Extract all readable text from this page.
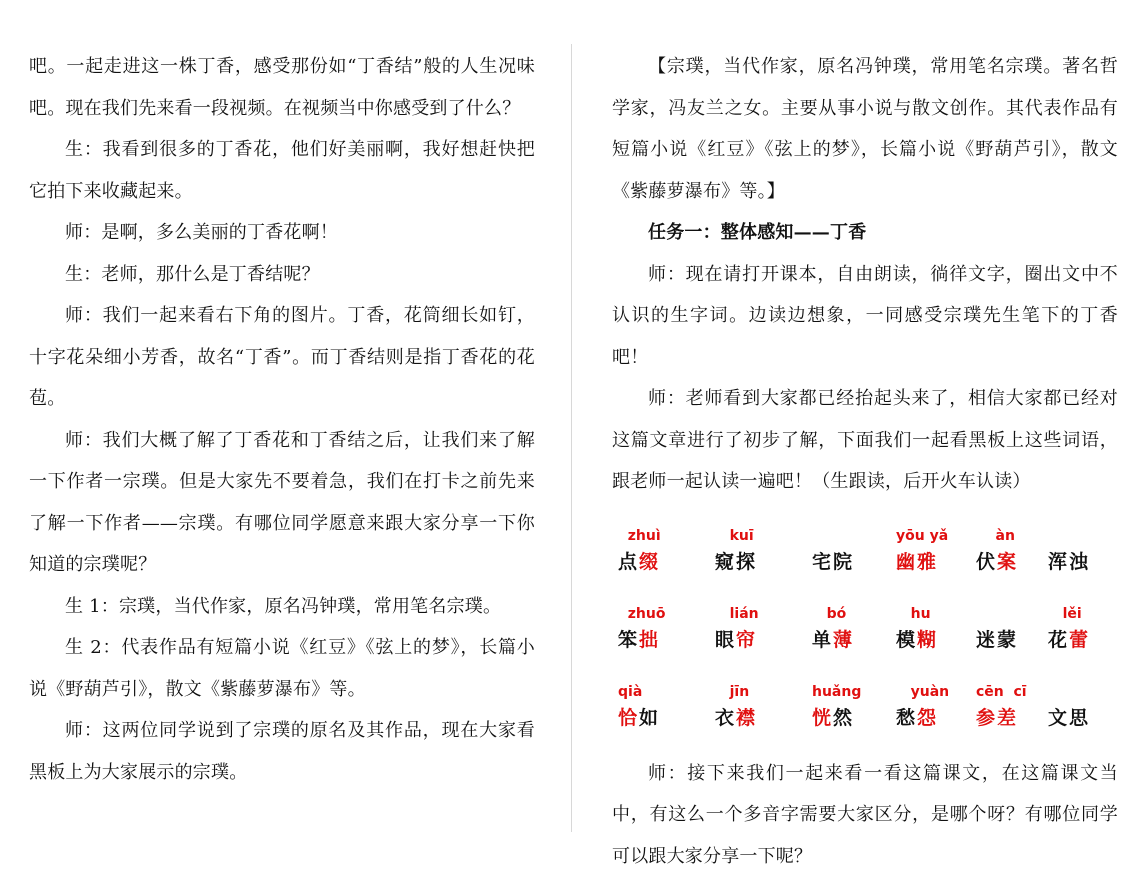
吧。一起走进这一株丁香，感受那份如“丁香结”般的人生况味吧。现在我们先来看一段视频。在视频当中你感受到了什么？

生：我看到很多的丁香花，他们好美丽啊，我好想赶快把它拍下来收藏起来。

师：是啊，多么美丽的丁香花啊！

生：老师，那什么是丁香结呢？

师：我们一起来看右下角的图片。丁香，花筒细长如钉，十字花朵细小芳香，故名“丁香”。而丁香结则是指丁香花的花苞。

师：我们大概了解了丁香花和丁香结之后，让我们来了解一下作者一宗璞。但是大家先不要着急，我们在打卡之前先来了解一下作者——宗璞。有哪位同学愿意来跟大家分享一下你知道的宗璞呢？

生 1：宗璞，当代作家，原名冯钟璞，常用笔名宗璞。

生 2：代表作品有短篇小说《红豆》《弦上的梦》，长篇小说《野葫芦引》，散文《紫藤萝瀑布》等。

师：这两位同学说到了宗璞的原名及其作品，现在大家看黑板上为大家展示的宗璞。

【宗璞，当代作家，原名冯钟璞，常用笔名宗璞。著名哲学家，冯友兰之女。主要从事小说与散文创作。其代表作品有短篇小说《红豆》《弦上的梦》，长篇小说《野葫芦引》，散文《紫藤萝瀑布》等。】

任务一：整体感知——丁香

师：现在请打开课本，自由朗读，徜徉文字，圈出文中不认识的生字词。边读边想象，一同感受宗璞先生笔下的丁香吧！

师：老师看到大家都已经抬起头来了，相信大家都已经对这篇文章进行了初步了解，下面我们一起看黑板上这些词语，跟老师一起认读一遍吧！（生跟读，后开火车认读）

zhuì
点缀
kuī
窥探	宅院
yōu yǎ
幽雅
àn
伏案 浑浊
zhuō
笨拙
lián
眼帘
bó
单薄
hu
模糊 迷蒙
lěi
花蕾
qià
恰如
jīn
衣襟
huǎng
恍然
yuàn
愁怨
cēn  cī
参差 文思

师：接下来我们一起来看一看这篇课文，在这篇课文当中，有这么一个多音字需要大家区分，是哪个呀？有哪位同学可以跟大家分享一下呢？
